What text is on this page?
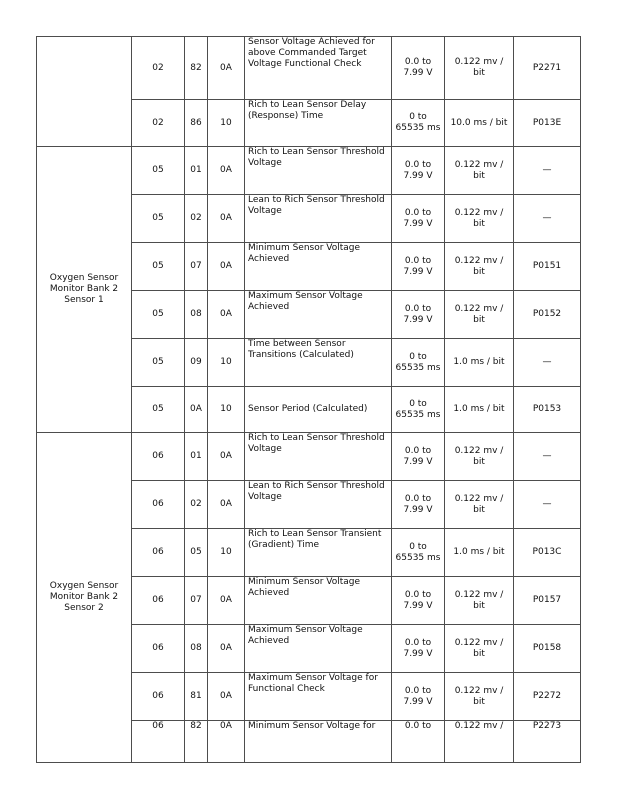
	02	82	0A	Sensor Voltage Achieved for above Commanded Target Voltage Functional Check	0.0 to 7.99 V	0.122 mv / bit	P2271
	02	86	10	Rich to Lean Sensor Delay (Response) Time	0 to 65535 ms	10.0 ms / bit	P013E
Oxygen Sensor Monitor Bank 2 Sensor 1	05	01	0A	Rich to Lean Sensor Threshold Voltage	0.0 to 7.99 V	0.122 mv / bit	—
	05	02	0A	Lean to Rich Sensor Threshold Voltage	0.0 to 7.99 V	0.122 mv / bit	—
	05	07	0A	Minimum Sensor Voltage Achieved	0.0 to 7.99 V	0.122 mv / bit	P0151
	05	08	0A	Maximum Sensor Voltage Achieved	0.0 to 7.99 V	0.122 mv / bit	P0152
	05	09	10	Time between Sensor Transitions (Calculated)	0 to 65535 ms	1.0 ms / bit	—
	05	0A	10	Sensor Period (Calculated)	0 to 65535 ms	1.0 ms / bit	P0153
Oxygen Sensor Monitor Bank 2 Sensor 2	06	01	0A	Rich to Lean Sensor Threshold Voltage	0.0 to 7.99 V	0.122 mv / bit	—
	06	02	0A	Lean to Rich Sensor Threshold Voltage	0.0 to 7.99 V	0.122 mv / bit	—
	06	05	10	Rich to Lean Sensor Transient (Gradient) Time	0 to 65535 ms	1.0 ms / bit	P013C
	06	07	0A	Minimum Sensor Voltage Achieved	0.0 to 7.99 V	0.122 mv / bit	P0157
	06	08	0A	Maximum Sensor Voltage Achieved	0.0 to 7.99 V	0.122 mv / bit	P0158
	06	81	0A	Maximum Sensor Voltage for Functional Check	0.0 to 7.99 V	0.122 mv / bit	P2272
	06	82	0A	Minimum Sensor Voltage for	0.0 to	0.122 mv /	P2273
